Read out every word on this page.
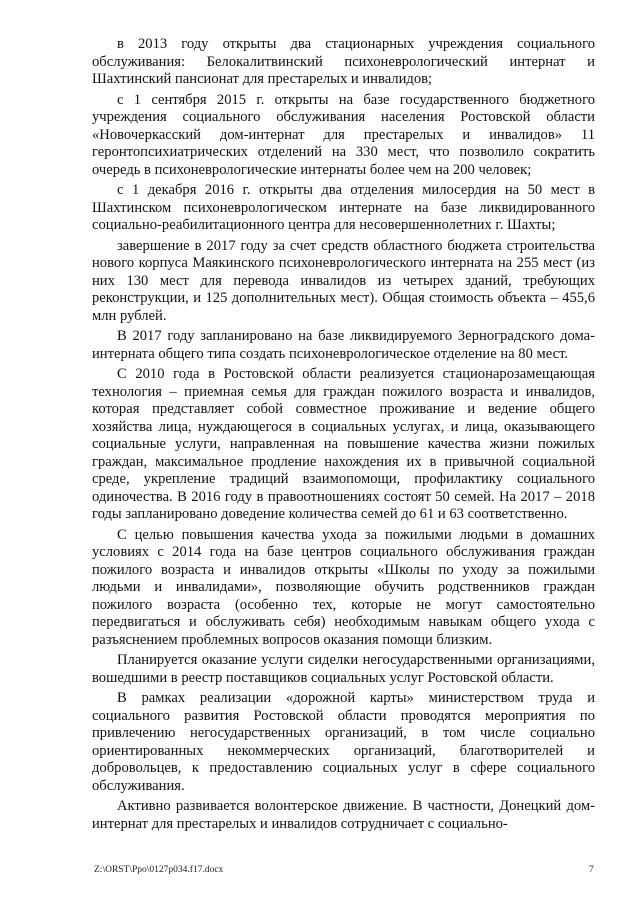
в 2013 году открыты два стационарных учреждения социального обслуживания: Белокалитвинский психоневрологический интернат и Шахтинский пансионат для престарелых и инвалидов;

с 1 сентября 2015 г. открыты на базе государственного бюджетного учреждения социального обслуживания населения Ростовской области «Новочеркасский дом-интернат для престарелых и инвалидов» 11 геронтопсихиатрических отделений на 330 мест, что позволило сократить очередь в психоневрологические интернаты более чем на 200 человек;

с 1 декабря 2016 г. открыты два отделения милосердия на 50 мест в Шахтинском психоневрологическом интернате на базе ликвидированного социально-реабилитационного центра для несовершеннолетних г. Шахты;

завершение в 2017 году за счет средств областного бюджета строительства нового корпуса Маякинского психоневрологического интерната на 255 мест (из них 130 мест для перевода инвалидов из четырех зданий, требующих реконструкции, и 125 дополнительных мест). Общая стоимость объекта – 455,6 млн рублей.

В 2017 году запланировано на базе ликвидируемого Зерноградского дома-интерната общего типа создать психоневрологическое отделение на 80 мест.

С 2010 года в Ростовской области реализуется стационарозамещающая технология – приемная семья для граждан пожилого возраста и инвалидов, которая представляет собой совместное проживание и ведение общего хозяйства лица, нуждающегося в социальных услугах, и лица, оказывающего социальные услуги, направленная на повышение качества жизни пожилых граждан, максимальное продление нахождения их в привычной социальной среде, укрепление традиций взаимопомощи, профилактику социального одиночества. В 2016 году в правоотношениях состоят 50 семей. На 2017 – 2018 годы запланировано доведение количества семей до 61 и 63 соответственно.

С целью повышения качества ухода за пожилыми людьми в домашних условиях с 2014 года на базе центров социального обслуживания граждан пожилого возраста и инвалидов открыты «Школы по уходу за пожилыми людьми и инвалидами», позволяющие обучить родственников граждан пожилого возраста (особенно тех, которые не могут самостоятельно передвигаться и обслуживать себя) необходимым навыкам общего ухода с разъяснением проблемных вопросов оказания помощи близким.

Планируется оказание услуги сиделки негосударственными организациями, вошедшими в реестр поставщиков социальных услуг Ростовской области.

В рамках реализации «дорожной карты» министерством труда и социального развития Ростовской области проводятся мероприятия по привлечению негосударственных организаций, в том числе социально ориентированных некоммерческих организаций, благотворителей и добровольцев, к предоставлению социальных услуг в сфере социального обслуживания.

Активно развивается волонтерское движение. В частности, Донецкий дом-интернат для престарелых и инвалидов сотрудничает с социально-

Z:\ORST\Ppo\0127p034.f17.docx	7
